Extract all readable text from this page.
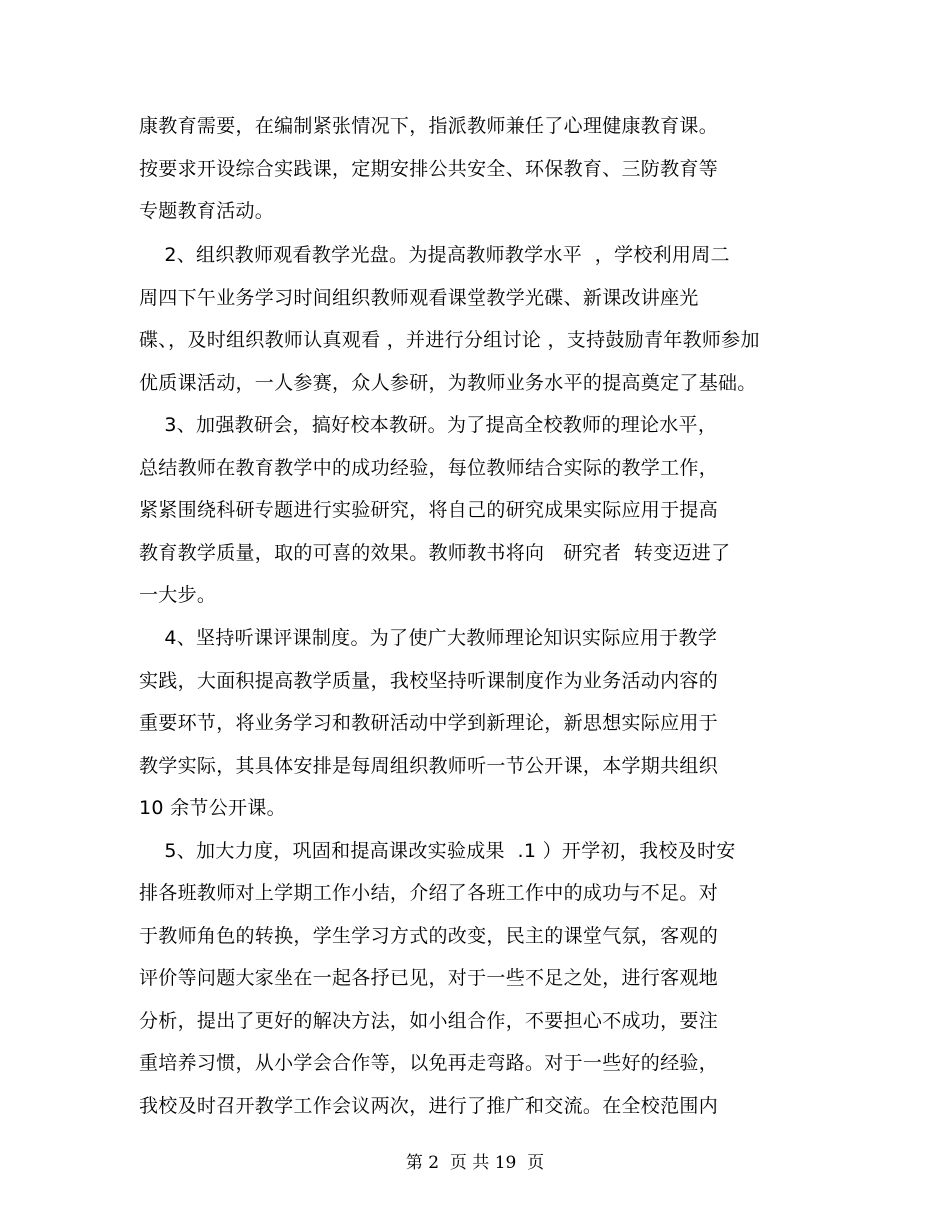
康教育需要，在编制紧张情况下，指派教师兼任了心理健康教育课。
按要求开设综合实践课，定期安排公共安全、环保教育、三防教育等
专题教育活动。
2、组织教师观看教学光盘。为提高教师教学水平  ，学校利用周二
周四下午业务学习时间组织教师观看课堂教学光碟、新课改讲座光
碟、，及时组织教师认真观看 ，并进行分组讨论 ，支持鼓励青年教师参加
优质课活动，一人参赛，众人参研，为教师业务水平的提高奠定了基础。
3、加强教研会，搞好校本教研。为了提高全校教师的理论水平，
总结教师在教育教学中的成功经验，每位教师结合实际的教学工作，
紧紧围绕科研专题进行实验研究，将自己的研究成果实际应用于提高
教育教学质量，取的可喜的效果。教师教书将向   研究者  转变迈进了
一大步。
4、坚持听课评课制度。为了使广大教师理论知识实际应用于教学
实践，大面积提高教学质量，我校坚持听课制度作为业务活动内容的
重要环节，将业务学习和教研活动中学到新理论，新思想实际应用于
教学实际，其具体安排是每周组织教师听一节公开课，本学期共组织
10 余节公开课。
5、加大力度，巩固和提高课改实验成果  .1 ）开学初，我校及时安
排各班教师对上学期工作小结，介绍了各班工作中的成功与不足。对
于教师角色的转换，学生学习方式的改变，民主的课堂气氛，客观的
评价等问题大家坐在一起各抒已见，对于一些不足之处，进行客观地
分析，提出了更好的解决方法，如小组合作，不要担心不成功，要注
重培养习惯，从小学会合作等，以免再走弯路。对于一些好的经验，
我校及时召开教学工作会议两次，进行了推广和交流。在全校范围内
第 2  页 共 19  页
